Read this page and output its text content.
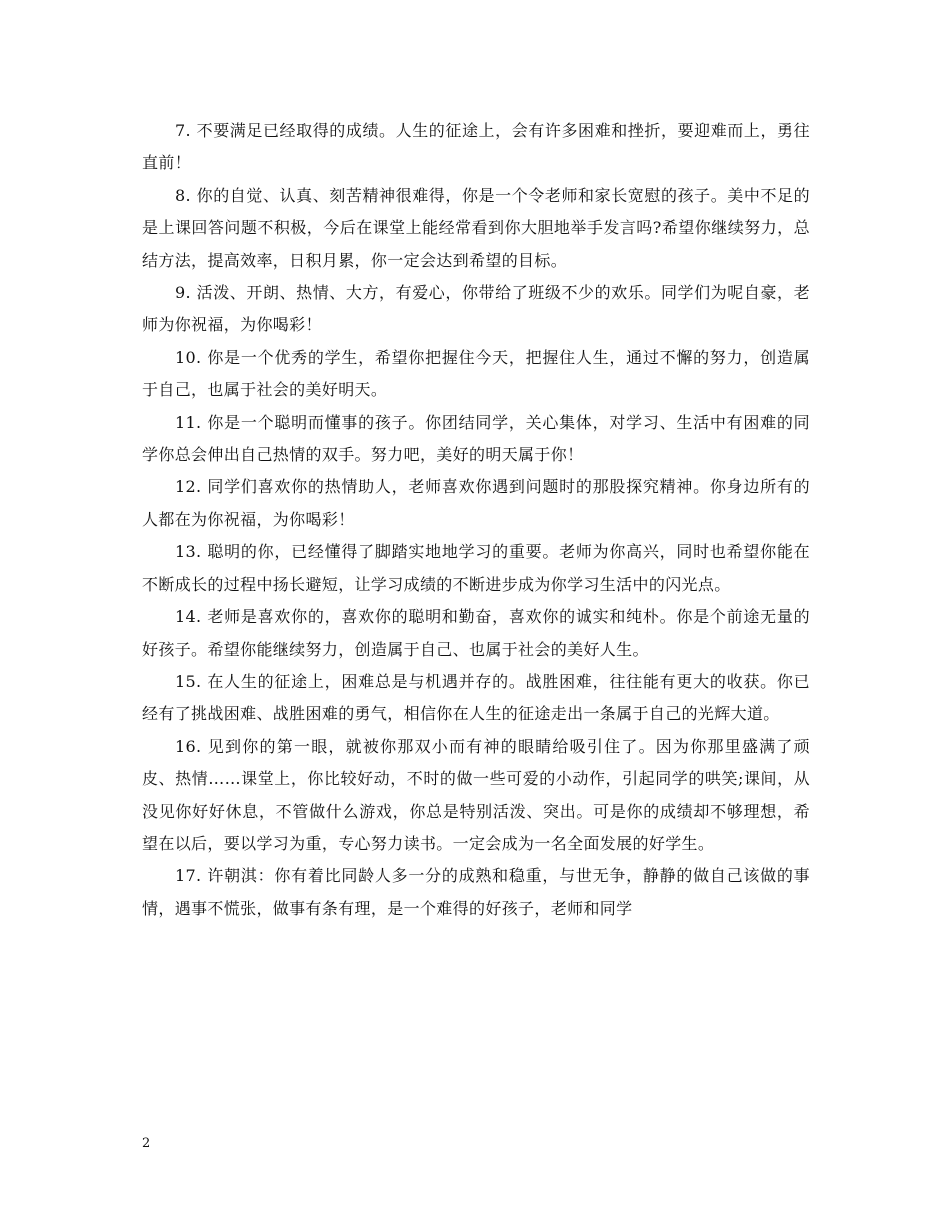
7. 不要满足已经取得的成绩。人生的征途上，会有许多困难和挫折，要迎难而上，勇往直前！

8. 你的自觉、认真、刻苦精神很难得，你是一个令老师和家长宽慰的孩子。美中不足的是上课回答问题不积极，今后在课堂上能经常看到你大胆地举手发言吗?希望你继续努力，总结方法，提高效率，日积月累，你一定会达到希望的目标。

9. 活泼、开朗、热情、大方，有爱心，你带给了班级不少的欢乐。同学们为呢自豪，老师为你祝福，为你喝彩！

10. 你是一个优秀的学生，希望你把握住今天，把握住人生，通过不懈的努力，创造属于自己，也属于社会的美好明天。

11. 你是一个聪明而懂事的孩子。你团结同学，关心集体，对学习、生活中有困难的同学你总会伸出自己热情的双手。努力吧，美好的明天属于你！

12. 同学们喜欢你的热情助人，老师喜欢你遇到问题时的那股探究精神。你身边所有的人都在为你祝福，为你喝彩！

13. 聪明的你，已经懂得了脚踏实地地学习的重要。老师为你高兴，同时也希望你能在不断成长的过程中扬长避短，让学习成绩的不断进步成为你学习生活中的闪光点。

14. 老师是喜欢你的，喜欢你的聪明和勤奋，喜欢你的诚实和纯朴。你是个前途无量的好孩子。希望你能继续努力，创造属于自己、也属于社会的美好人生。

15. 在人生的征途上，困难总是与机遇并存的。战胜困难，往往能有更大的收获。你已经有了挑战困难、战胜困难的勇气，相信你在人生的征途走出一条属于自己的光辉大道。

16. 见到你的第一眼，就被你那双小而有神的眼睛给吸引住了。因为你那里盛满了顽皮、热情……课堂上，你比较好动，不时的做一些可爱的小动作，引起同学的哄笑;课间，从没见你好好休息，不管做什么游戏，你总是特别活泼、突出。可是你的成绩却不够理想，希望在以后，要以学习为重，专心努力读书。一定会成为一名全面发展的好学生。

17. 许朝淇：你有着比同龄人多一分的成熟和稳重，与世无争，静静的做自己该做的事情，遇事不慌张，做事有条有理，是一个难得的好孩子，老师和同学

2
